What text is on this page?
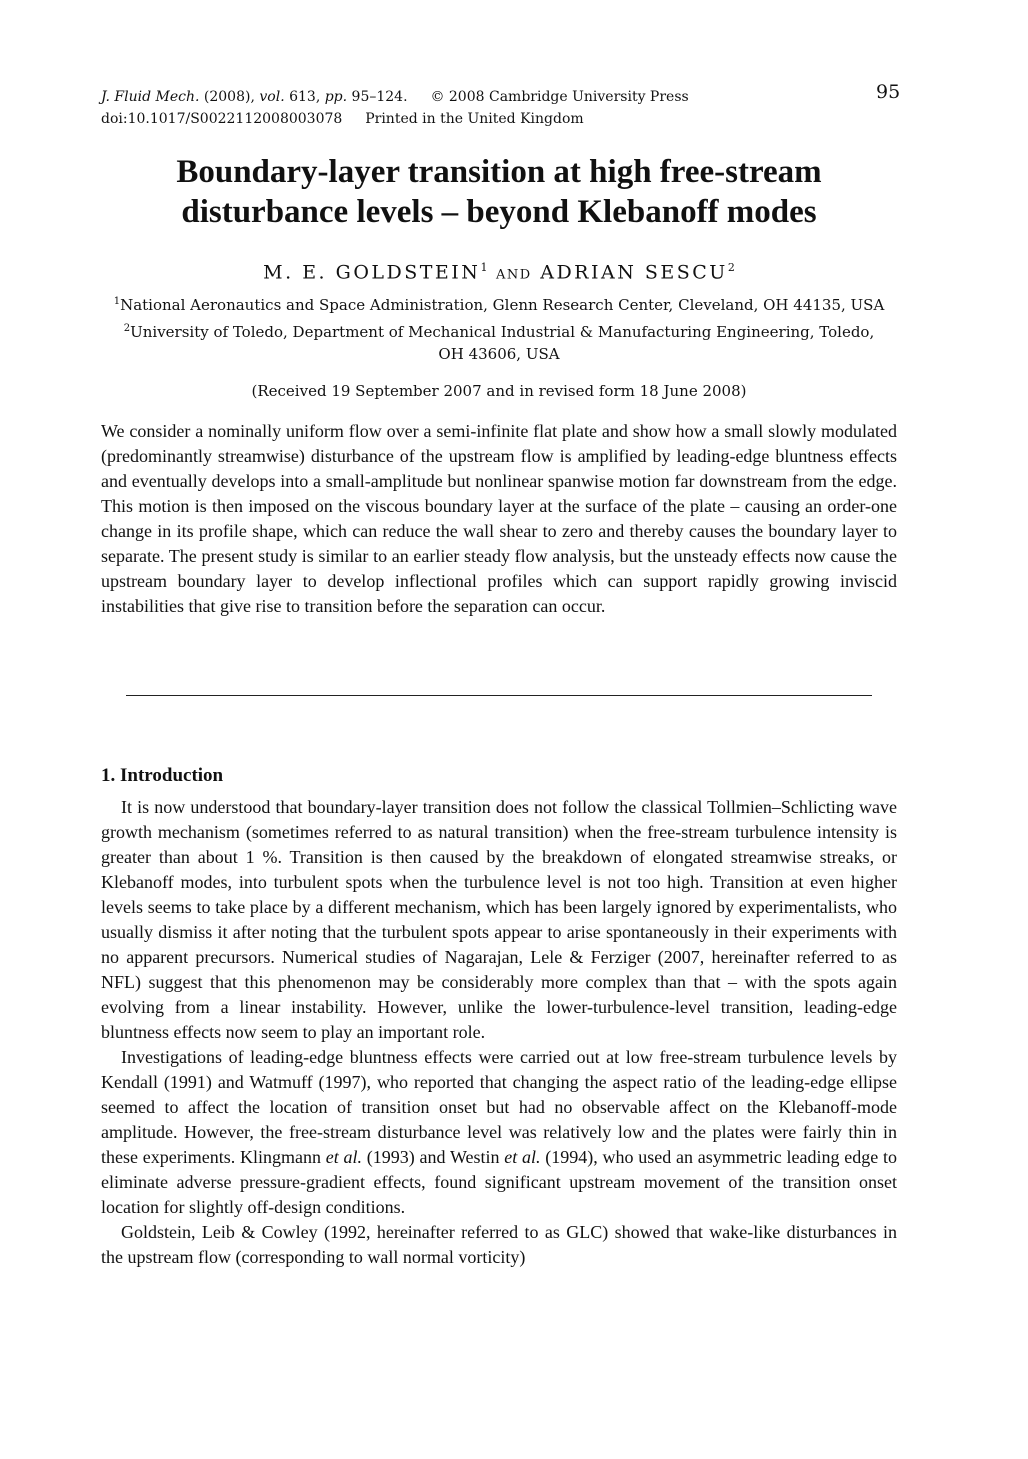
J. Fluid Mech. (2008), vol. 613, pp. 95–124. © 2008 Cambridge University Press
doi:10.1017/S0022112008003078 Printed in the United Kingdom
95
Boundary-layer transition at high free-stream
disturbance levels – beyond Klebanoff modes
M. E. GOLDSTEIN$^1$ AND ADRIAN SESCU$^2$
$^1$National Aeronautics and Space Administration, Glenn Research Center, Cleveland, OH 44135, USA
$^2$University of Toledo, Department of Mechanical Industrial & Manufacturing Engineering, Toledo,
OH 43606, USA
(Received 19 September 2007 and in revised form 18 June 2008)

We consider a nominally uniform flow over a semi-infinite flat plate and show how a small slowly modulated (predominantly streamwise) disturbance of the upstream flow is amplified by leading-edge bluntness effects and eventually develops into a small-amplitude but nonlinear spanwise motion far downstream from the edge. This motion is then imposed on the viscous boundary layer at the surface of the plate – causing an order-one change in its profile shape, which can reduce the wall shear to zero and thereby causes the boundary layer to separate. The present study is similar to an earlier steady flow analysis, but the unsteady effects now cause the upstream boundary layer to develop inflectional profiles which can support rapidly growing inviscid instabilities that give rise to transition before the separation can occur.

1. Introduction

It is now understood that boundary-layer transition does not follow the classical Tollmien–Schlicting wave growth mechanism (sometimes referred to as natural transition) when the free-stream turbulence intensity is greater than about 1 %. Transition is then caused by the breakdown of elongated streamwise streaks, or Klebanoff modes, into turbulent spots when the turbulence level is not too high. Transition at even higher levels seems to take place by a different mechanism, which has been largely ignored by experimentalists, who usually dismiss it after noting that the turbulent spots appear to arise spontaneously in their experiments with no apparent precursors. Numerical studies of Nagarajan, Lele & Ferziger (2007, hereinafter referred to as NFL) suggest that this phenomenon may be considerably more complex than that – with the spots again evolving from a linear instability. However, unlike the lower-turbulence-level transition, leading-edge bluntness effects now seem to play an important role.

Investigations of leading-edge bluntness effects were carried out at low free-stream turbulence levels by Kendall (1991) and Watmuff (1997), who reported that changing the aspect ratio of the leading-edge ellipse seemed to affect the location of transition onset but had no observable affect on the Klebanoff-mode amplitude. However, the free-stream disturbance level was relatively low and the plates were fairly thin in these experiments. Klingmann et al. (1993) and Westin et al. (1994), who used an asymmetric leading edge to eliminate adverse pressure-gradient effects, found significant upstream movement of the transition onset location for slightly off-design conditions.

Goldstein, Leib & Cowley (1992, hereinafter referred to as GLC) showed that wake-like disturbances in the upstream flow (corresponding to wall normal vorticity)
